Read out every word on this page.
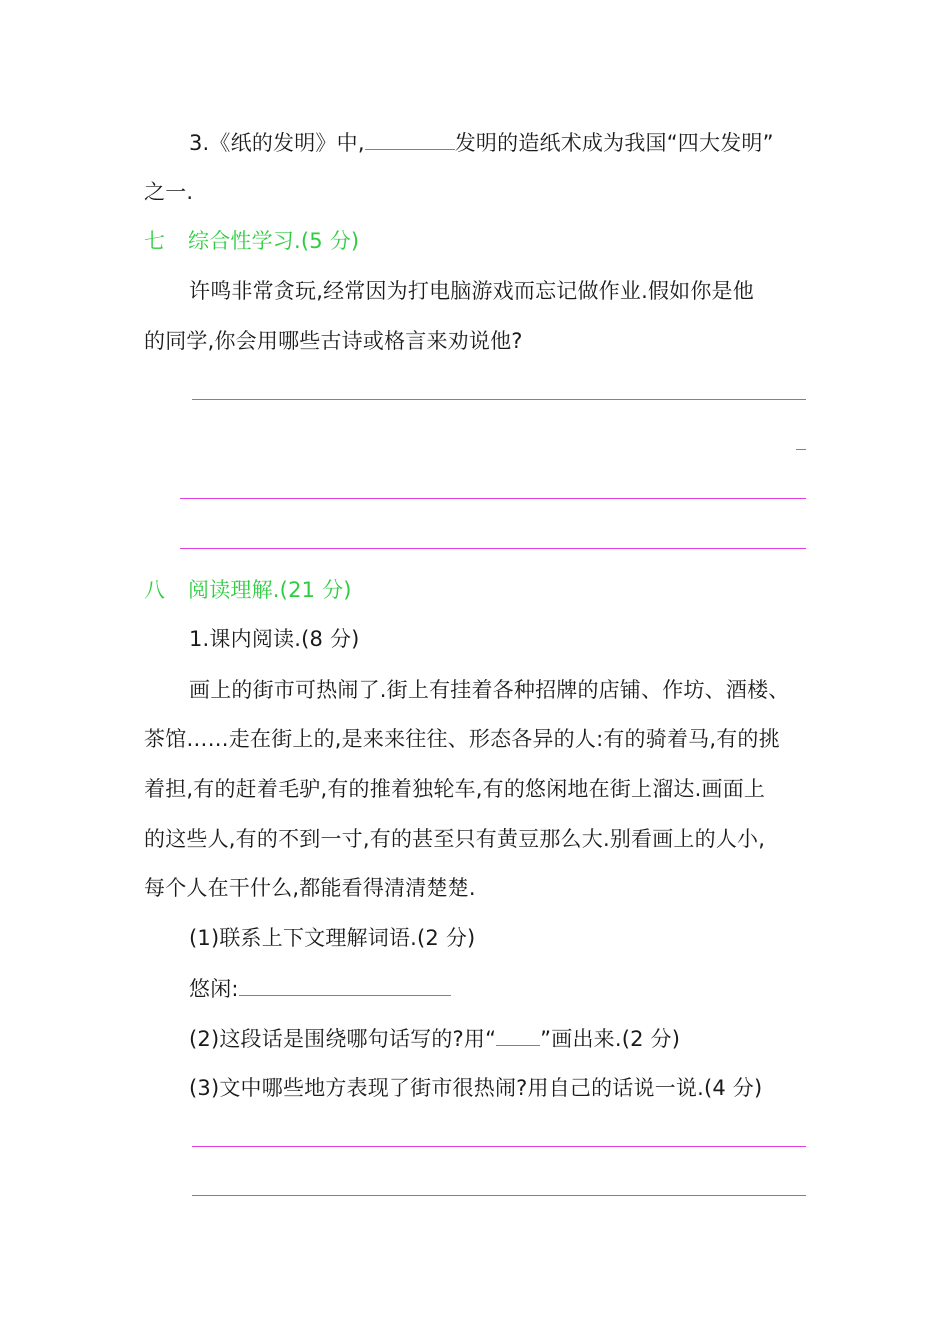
3.《纸的发明》中,	发明的造纸术成为我国“四大发明”
之一.
七 综合性学习.(5 分)
许鸣非常贪玩,经常因为打电脑游戏而忘记做作业.假如你是他
的同学,你会用哪些古诗或格言来劝说他?
八 阅读理解.(21 分)
1.课内阅读.(8 分)
画上的街市可热闹了.街上有挂着各种招牌的店铺、作坊、酒楼、
茶馆……走在街上的,是来来往往、形态各异的人:有的骑着马,有的挑
着担,有的赶着毛驴,有的推着独轮车,有的悠闲地在街上溜达.画面上
的这些人,有的不到一寸,有的甚至只有黄豆那么大.别看画上的人小,
每个人在干什么,都能看得清清楚楚.
(1)联系上下文理解词语.(2 分)
悠闲:
(2)这段话是围绕哪句话写的?用“ ”画出来.(2 分)
(3)文中哪些地方表现了街市很热闹?用自己的话说一说.(4 分)
